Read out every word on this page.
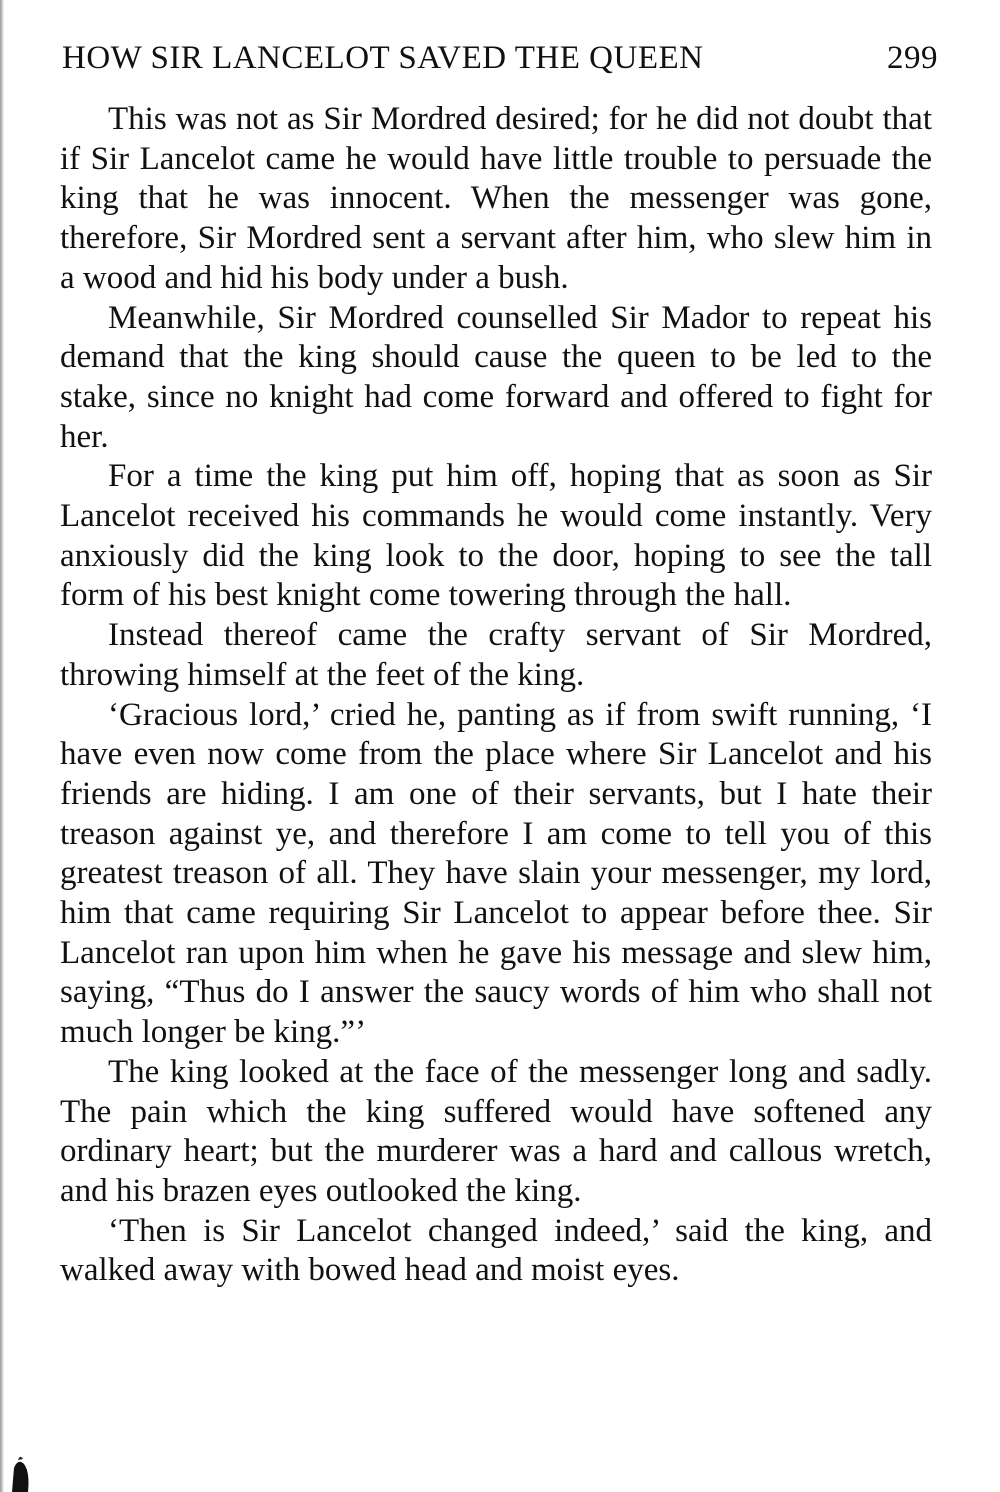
HOW SIR LANCELOT SAVED THE QUEEN	299

This was not as Sir Mordred desired; for he did not doubt that if Sir Lancelot came he would have little trouble to persuade the king that he was innocent. When the messenger was gone, therefore, Sir Mordred sent a servant after him, who slew him in a wood and hid his body under a bush.

Meanwhile, Sir Mordred counselled Sir Mador to repeat his demand that the king should cause the queen to be led to the stake, since no knight had come forward and offered to fight for her.

For a time the king put him off, hoping that as soon as Sir Lancelot received his commands he would come instantly. Very anxiously did the king look to the door, hoping to see the tall form of his best knight come towering through the hall.

Instead thereof came the crafty servant of Sir Mordred, throwing himself at the feet of the king.

‘Gracious lord,’ cried he, panting as if from swift running, ‘I have even now come from the place where Sir Lancelot and his friends are hiding. I am one of their servants, but I hate their treason against ye, and therefore I am come to tell you of this greatest treason of all. They have slain your messenger, my lord, him that came requiring Sir Lancelot to appear before thee. Sir Lancelot ran upon him when he gave his message and slew him, saying, “Thus do I answer the saucy words of him who shall not much longer be king.”’

The king looked at the face of the messenger long and sadly. The pain which the king suffered would have softened any ordinary heart; but the murderer was a hard and callous wretch, and his brazen eyes outlooked the king.

‘Then is Sir Lancelot changed indeed,’ said the king, and walked away with bowed head and moist eyes.
